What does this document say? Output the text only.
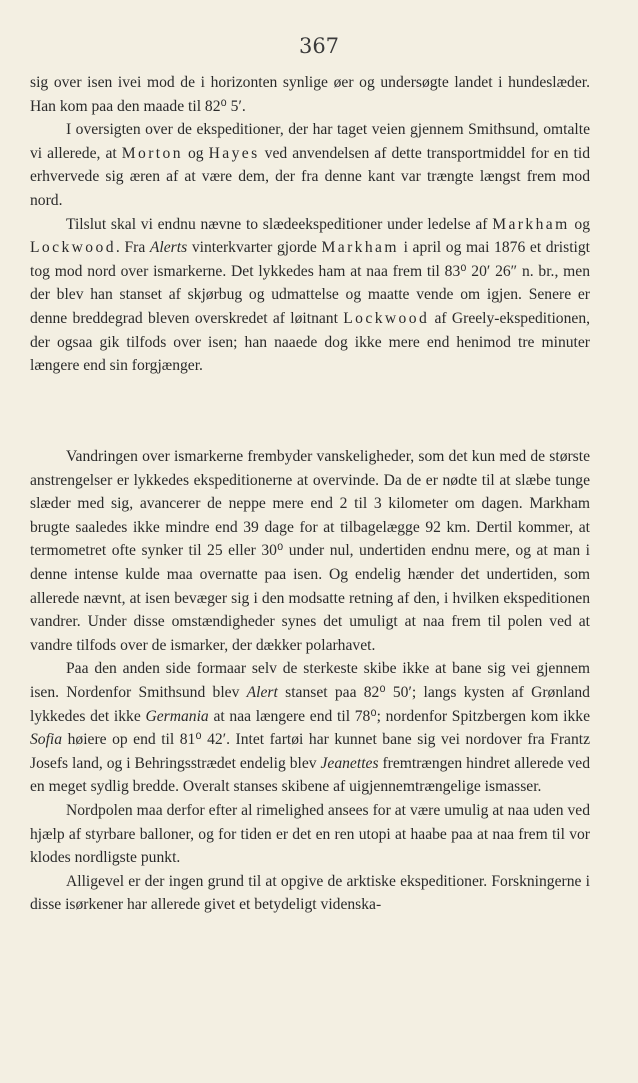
367

sig over isen ivei mod de i horizonten synlige øer og undersøgte landet i hundeslæder. Han kom paa den maade til 82⁰ 5′.

I oversigten over de ekspeditioner, der har taget veien gjennem Smithsund, omtalte vi allerede, at Morton og Hayes ved anvendelsen af dette transportmiddel for en tid erhvervede sig æren af at være dem, der fra denne kant var trængte længst frem mod nord.

Tilslut skal vi endnu nævne to slædeekspeditioner under ledelse af Markham og Lockwood. Fra Alerts vinterkvarter gjorde Markham i april og mai 1876 et dristigt tog mod nord over ismarkerne. Det lykkedes ham at naa frem til 83⁰ 20′ 26″ n. br., men der blev han stanset af skjørbug og udmattelse og maatte vende om igjen. Senere er denne breddegrad bleven overskredet af løitnant Lockwood af Greely-ekspeditionen, der ogsaa gik tilfods over isen; han naaede dog ikke mere end henimod tre minuter længere end sin forgjænger.

Vandringen over ismarkerne frembyder vanskeligheder, som det kun med de største anstrengelser er lykkedes ekspeditionerne at overvinde. Da de er nødte til at slæbe tunge slæder med sig, avancerer de neppe mere end 2 til 3 kilometer om dagen. Markham brugte saaledes ikke mindre end 39 dage for at tilbagelægge 92 km. Dertil kommer, at termometret ofte synker til 25 eller 30⁰ under nul, undertiden endnu mere, og at man i denne intense kulde maa overnatte paa isen. Og endelig hænder det undertiden, som allerede nævnt, at isen bevæger sig i den modsatte retning af den, i hvilken ekspeditionen vandrer. Under disse omstændigheder synes det umuligt at naa frem til polen ved at vandre tilfods over de ismarker, der dækker polarhavet.

Paa den anden side formaar selv de sterkeste skibe ikke at bane sig vei gjennem isen. Nordenfor Smithsund blev Alert stanset paa 82⁰ 50′; langs kysten af Grønland lykkedes det ikke Germania at naa længere end til 78⁰; nordenfor Spitzbergen kom ikke Sofia høiere op end til 81⁰ 42′. Intet fartøi har kunnet bane sig vei nordover fra Frantz Josefs land, og i Behringsstrædet endelig blev Jeanettes fremtrængen hindret allerede ved en meget sydlig bredde. Overalt stanses skibene af uigjennemtrængelige ismasser.

Nordpolen maa derfor efter al rimelighed ansees for at være umulig at naa uden ved hjælp af styrbare balloner, og for tiden er det en ren utopi at haabe paa at naa frem til vor klodes nordligste punkt.

Alligevel er der ingen grund til at opgive de arktiske ekspeditioner. Forskningerne i disse isørkener har allerede givet et betydeligt videnska-
